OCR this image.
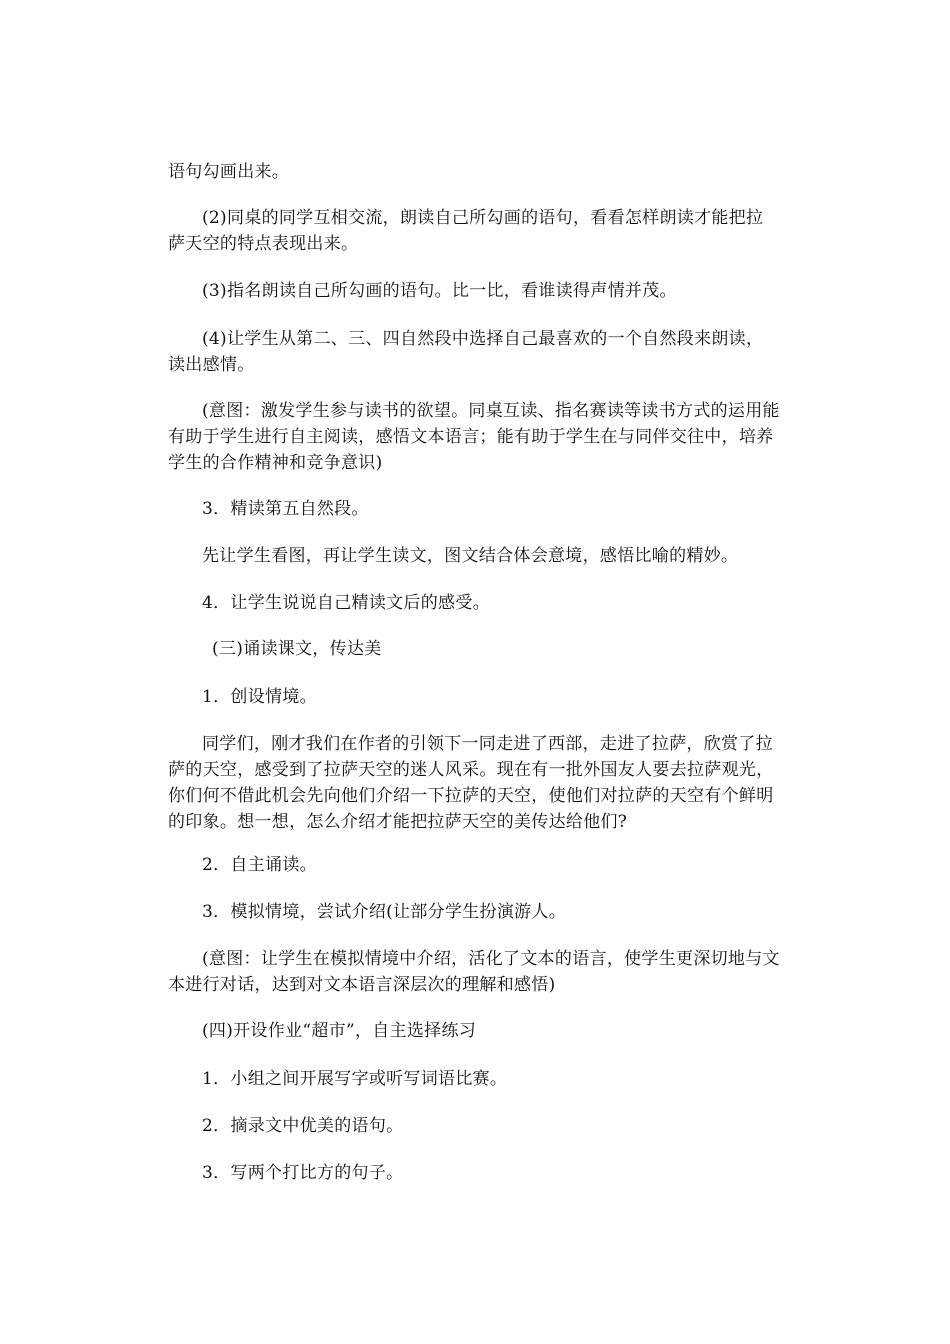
语句勾画出来。

(2)同桌的同学互相交流，朗读自己所勾画的语句，看看怎样朗读才能把拉萨天空的特点表现出来。

(3)指名朗读自己所勾画的语句。比一比，看谁读得声情并茂。

(4)让学生从第二、三、四自然段中选择自己最喜欢的一个自然段来朗读，读出感情。

(意图：激发学生参与读书的欲望。同桌互读、指名赛读等读书方式的运用能有助于学生进行自主阅读，感悟文本语言；能有助于学生在与同伴交往中，培养学生的合作精神和竞争意识)

3．精读第五自然段。

先让学生看图，再让学生读文，图文结合体会意境，感悟比喻的精妙。

4．让学生说说自己精读文后的感受。

(三)诵读课文，传达美

1．创设情境。

同学们，刚才我们在作者的引领下一同走进了西部，走进了拉萨，欣赏了拉萨的天空，感受到了拉萨天空的迷人风采。现在有一批外国友人要去拉萨观光，你们何不借此机会先向他们介绍一下拉萨的天空，使他们对拉萨的天空有个鲜明的印象。想一想，怎么介绍才能把拉萨天空的美传达给他们?

2．自主诵读。

3．模拟情境，尝试介绍(让部分学生扮演游人。

(意图：让学生在模拟情境中介绍，活化了文本的语言，使学生更深切地与文本进行对话，达到对文本语言深层次的理解和感悟)

(四)开设作业“超市”，自主选择练习

1．小组之间开展写字或听写词语比赛。

2．摘录文中优美的语句。

3．写两个打比方的句子。
